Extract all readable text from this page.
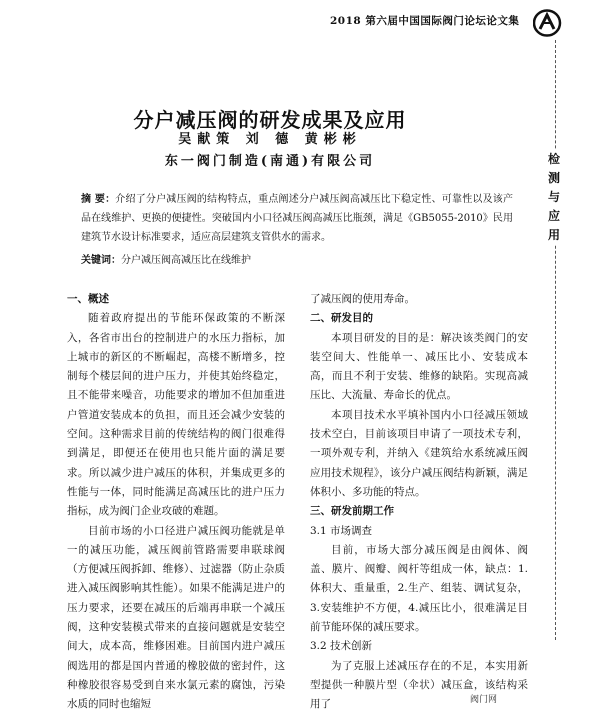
2018 第六届中国国际阀门论坛论文集
检
测
与
应
用
分户减压阀的研发成果及应用
吴献策 刘 德 黄彬彬
东一阀门制造(南通)有限公司
摘 要：介绍了分户减压阀的结构特点，重点阐述分户减压阀高减压比下稳定性、可靠性以及该产品在线维护、更换的便捷性。突破国内小口径减压阀高减压比瓶颈，满足《GB5055-2010》民用建筑节水设计标准要求，适应高层建筑支管供水的需求。
关键词：分户减压阀高减压比在线维护
一、概述

随着政府提出的节能环保政策的不断深入，各省市出台的控制进户的水压力指标，加上城市的新区的不断崛起，高楼不断增多，控制每个楼层间的进户压力，并使其始终稳定，且不能带来噪音，功能要求的增加不但加重进户管道安装成本的负担，而且还会减少安装的空间。这种需求目前的传统结构的阀门很难得到满足，即便还在使用也只能片面的满足要求。所以减少进户减压的体积，并集成更多的性能与一体，同时能满足高减压比的进户压力指标，成为阀门企业攻破的难题。

目前市场的小口径进户减压阀功能就是单一的减压功能，减压阀前管路需要串联球阀（方便减压阀拆卸、维修）、过滤器（防止杂质进入减压阀影响其性能）。如果不能满足进户的压力要求，还要在减压的后端再串联一个减压阀，这种安装模式带来的直接问题就是安装空间大，成本高，维修困难。目前国内进户减压阀选用的都是国内普通的橡胶做的密封件，这种橡胶很容易受到自来水氯元素的腐蚀，污染水质的同时也缩短

了减压阀的使用寿命。

二、研发目的

本项目研发的目的是：解决该类阀门的安装空间大、性能单一、减压比小、安装成本高，而且不利于安装、维修的缺陷。实现高减压比、大流量、寿命长的优点。

本项目技术水平填补国内小口径减压领域技术空白，目前该项目申请了一项技术专利，一项外观专利，并纳入《建筑给水系统减压阀应用技术规程》，该分户减压阀结构新颖，满足体积小、多功能的特点。

三、研发前期工作
3.1 市场调查

目前，市场大部分减压阀是由阀体、阀盖、膜片、阀瓣、阀杆等组成一体，缺点：1.体积大、重量重，2.生产、组装、调试复杂，3.安装维护不方便，4.减压比小，很难满足目前节能环保的减压要求。

3.2 技术创新

为了克服上述减压存在的不足，本实用新型提供一种膜片型（伞状）减压盒，该结构采用了	阀门网
